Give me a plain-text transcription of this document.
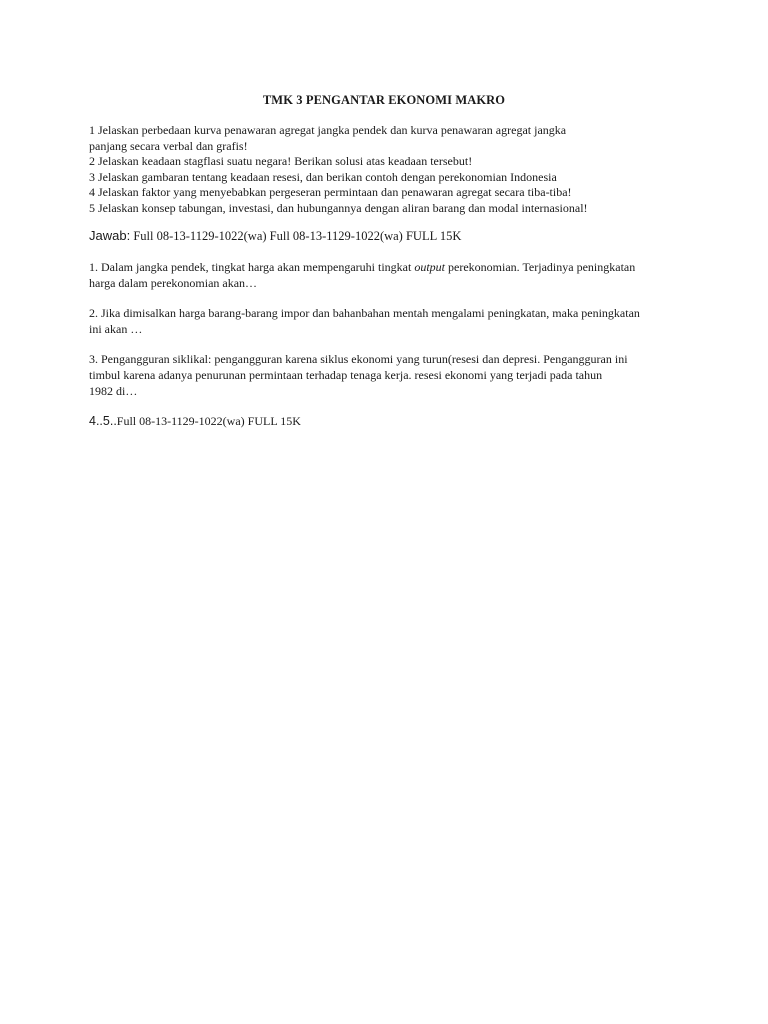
TMK 3 PENGANTAR EKONOMI MAKRO

1 Jelaskan perbedaan kurva penawaran agregat jangka pendek dan kurva penawaran agregat jangka

panjang secara verbal dan grafis!

2 Jelaskan keadaan stagflasi suatu negara! Berikan solusi atas keadaan tersebut!

3 Jelaskan gambaran tentang keadaan resesi, dan berikan contoh dengan perekonomian Indonesia

4 Jelaskan faktor yang menyebabkan pergeseran permintaan dan penawaran agregat secara tiba-tiba!

5 Jelaskan konsep tabungan, investasi, dan hubungannya dengan aliran barang dan modal internasional!

Jawab: Full 08-13-1129-1022(wa) Full 08-13-1129-1022(wa) FULL 15K
1. Dalam jangka pendek, tingkat harga akan mempengaruhi tingkat output perekonomian. Terjadinya peningkatan
harga dalam perekonomian akan…
2. Jika dimisalkan harga barang-barang impor dan bahanbahan mentah mengalami peningkatan, maka peningkatan
ini akan …
3. Pengangguran siklikal: pengangguran karena siklus ekonomi yang turun(resesi dan depresi. Pengangguran ini
timbul karena adanya penurunan permintaan terhadap tenaga kerja. resesi ekonomi yang terjadi pada tahun
1982 di…
4..5..Full 08-13-1129-1022(wa) FULL 15K
